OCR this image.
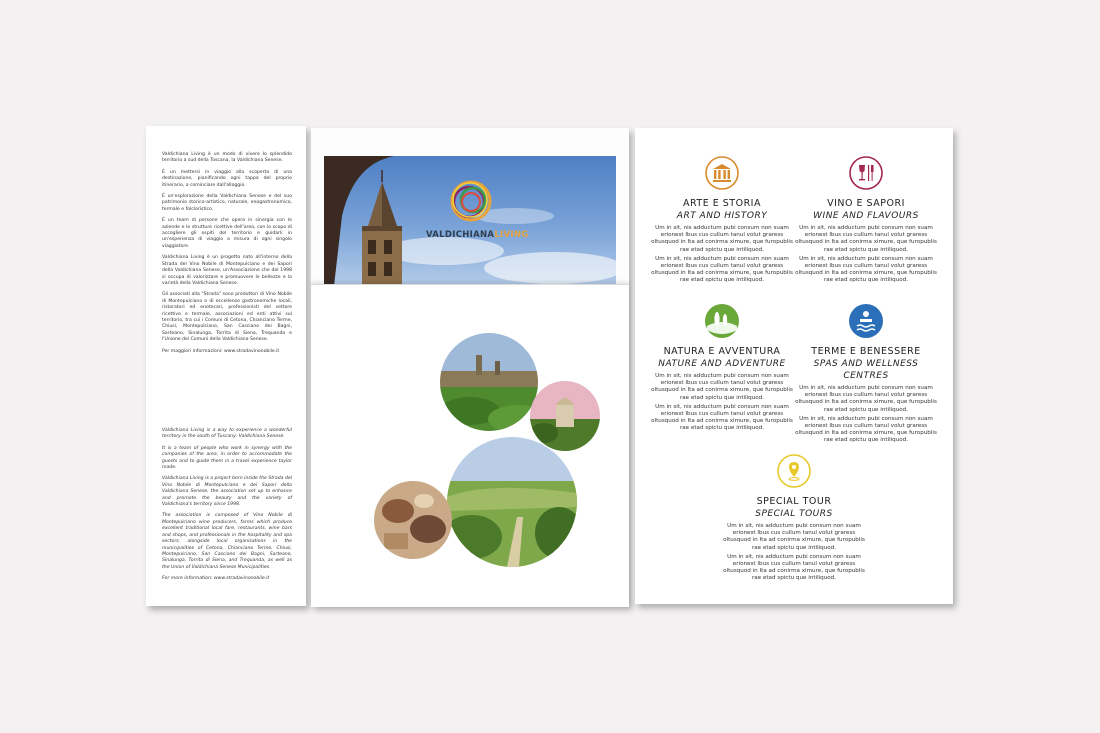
Valdichiana Living è un modo di vivere lo splendido territorio a sud della Toscana, la Valdichiana Senese.

È un mettersi in viaggio alla scoperta di una destinazione, pianificando ogni tappa del proprio itinerario, a cominciare dall'alloggio.

È un'esplorazione della Valdichiana Senese e del suo patrimonio storico-artistico, naturale, enogastronomico, termale e folcloristico.

È un team di persone che opera in sinergia con le aziende e le strutture ricettive dell'area, con lo scopo di accogliere gli ospiti del territorio e guidarli in un'esperienza di viaggio a misura di ogni singolo viaggiatore.

Valdichiana Living è un progetto nato all'interno della Strada del Vino Nobile di Montepulciano e dei Sapori della Valdichiana Senese, un'Associazione che dal 1998 si occupa di valorizzare e promuovere le bellezze e la varietà della Valdichiana Senese.

Gli associati alla "Strada" sono produttori di Vino Nobile di Montepulciano e di eccellenze gastronomiche locali, ristoratori ed enotecari, professionisti del settore ricettivo e termale, associazioni ed enti attivi sul territorio, tra cui i Comuni di Cetona, Chianciano Terme, Chiusi, Montepulciano, San Casciano dei Bagni, Sarteano, Sinalunga, Torrita di Siena, Trequanda e l'Unione dei Comuni della Valdichiana Senese.

Per maggiori informazioni: www.stradavinonobile.it

Valdichiana Living is a way to experience a wonderful territory in the south of Tuscany: Valdichiana Senese.

It is a team of people who work in synergy with the companies of the area, in order to accommodate the guests and to guide them in a travel experience taylor made.

Valdichiana Living is a project born inside the Strada del Vino Nobile di Montepulciano e dei Sapori della Valdichiana Senese, the association set up to enhance and promote the beauty and the variety of Valdichiana's territory since 1998.

The association is composed of Vino Nobile di Montepulciano wine producers, farms which produce excellent traditional local fare, restaurants, wine bars and shops, and professionals in the hospitality and spa sectors, alongside local organisations in the municipalities of Cetona, Chianciano Terme, Chiusi, Montepulciano, San Casciano dei Bagni, Sarteano, Sinalunga, Torrita di Siena, and Trequanda, as well as the Union of Valdichiana Senese Municipalities.

For more information: www.stradavinonobile.it

VALDICHIANALIVING
ARTE E STORIA
ART AND HISTORY
Um in sit, nis adductum pubi consum non suam erionest Ibus cus cullum tanul volut graress oltusquod in Ita ad conirma ximure, que furopublis rae etad spictu que intiliquod.
Um in sit, nis adductum pubi consum non suam erionest Ibus cus cullum tanul volut graress oltusquod in Ita ad conirma ximure, que furopublis rae etad spictu que intiliquod.
VINO E SAPORI
WINE AND FLAVOURS
Um in sit, nis adductum pubi consum non suam erionest Ibus cus cullum tanul volut graress oltusquod in Ita ad conirma ximure, que furopublis rae etad spictu que intiliquod.
Um in sit, nis adductum pubi consum non suam erionest Ibus cus cullum tanul volut graress oltusquod in Ita ad conirma ximure, que furopublis rae etad spictu que intiliquod.
NATURA E AVVENTURA
NATURE AND ADVENTURE
Um in sit, nis adductum pubi consum non suam erionest Ibus cus cullum tanul volut graress oltusquod in Ita ad conirma ximure, que furopublis rae etad spictu que intiliquod.
Um in sit, nis adductum pubi consum non suam erionest Ibus cus cullum tanul volut graress oltusquod in Ita ad conirma ximure, que furopublis rae etad spictu que intiliquod.
TERME E BENESSERE
SPAS AND WELLNESS CENTRES
Um in sit, nis adductum pubi consum non suam erionest Ibus cus cullum tanul volut graress oltusquod in Ita ad conirma ximure, que furopublis rae etad spictu que intiliquod.
Um in sit, nis adductum pubi consum non suam erionest Ibus cus cullum tanul volut graress oltusquod in Ita ad conirma ximure, que furopublis rae etad spictu que intiliquod.
SPECIAL TOUR
SPECIAL TOURS
Um in sit, nis adductum pubi consum non suam erionest Ibus cus cullum tanul volut graress oltusquod in Ita ad conirma ximure, que furopublis rae etad spictu que intiliquod.
Um in sit, nis adductum pubi consum non suam erionest Ibus cus cullum tanul volut graress oltusquod in Ita ad conirma ximure, que furopublis rae etad spictu que intiliquod.
